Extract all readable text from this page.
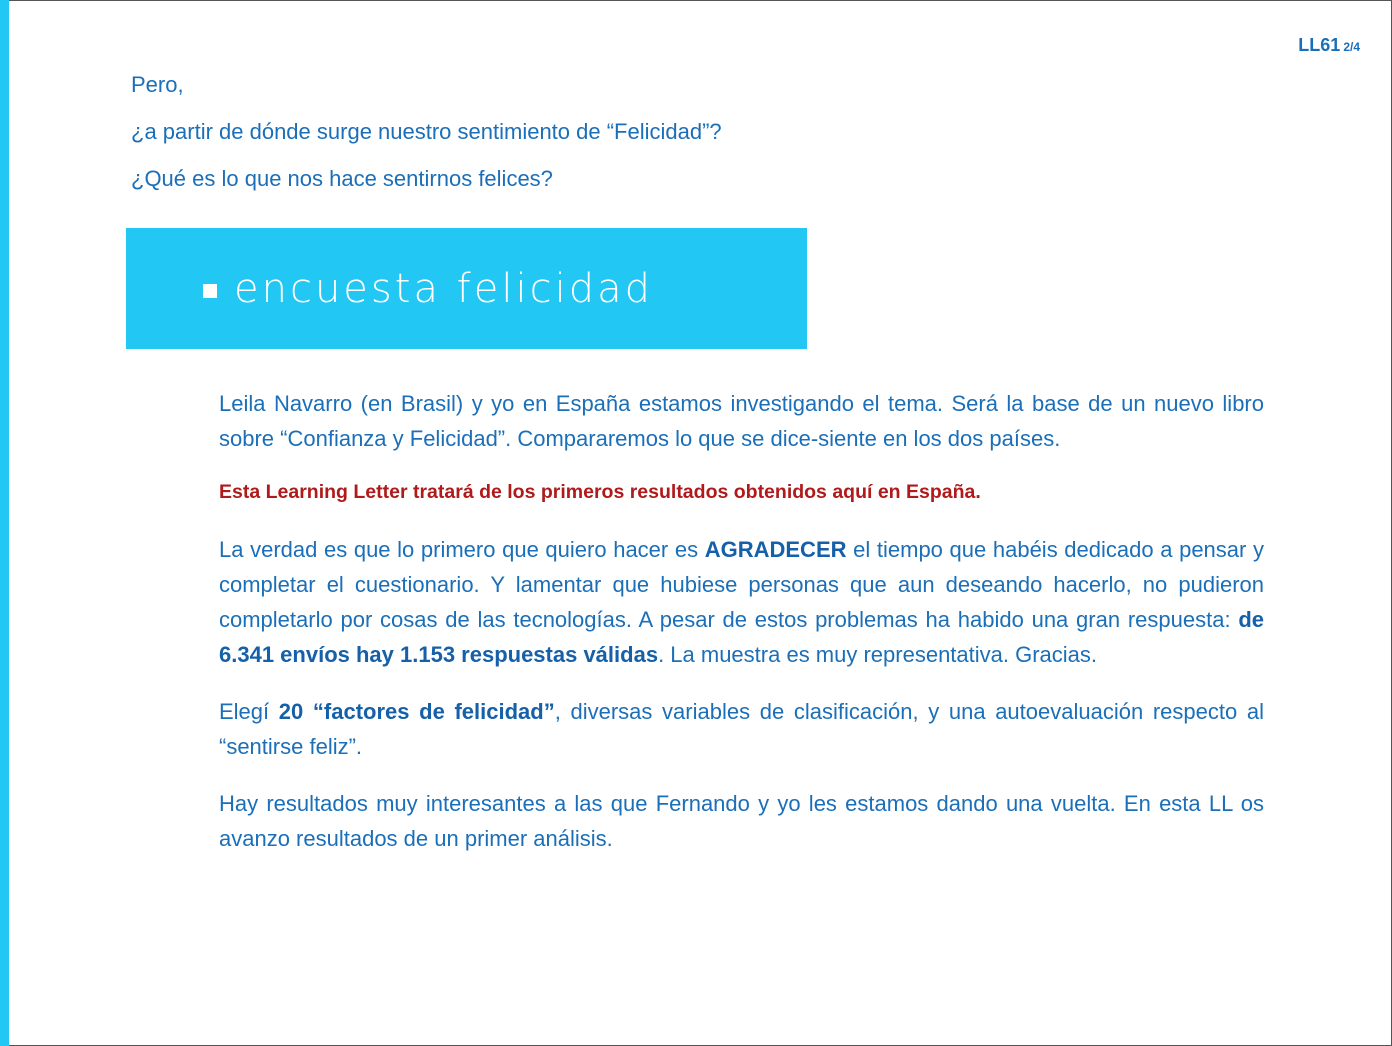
LL61 2/4

Pero,

¿a partir de dónde surge nuestro sentimiento de “Felicidad”?

¿Qué es lo que nos hace sentirnos felices?

encuesta felicidad

Leila Navarro (en Brasil) y yo en España estamos investigando el tema. Será la base de un nuevo libro sobre “Confianza y Felicidad”. Compararemos lo que se dice-siente en los dos países.

Esta Learning Letter tratará de los primeros resultados obtenidos aquí en España.

La verdad es que lo primero que quiero hacer es AGRADECER el tiempo que habéis dedicado a pensar y completar el cuestionario. Y lamentar que hubiese personas que aun deseando hacerlo, no pudieron completarlo por cosas de las tecnologías. A pesar de estos problemas ha habido una gran respuesta: de 6.341 envíos hay 1.153 respuestas válidas. La muestra es muy representativa. Gracias.

Elegí 20 “factores de felicidad”, diversas variables de clasificación, y una autoevaluación respecto al “sentirse feliz”.

Hay resultados muy interesantes a las que Fernando y yo les estamos dando una vuelta. En esta LL os avanzo resultados de un primer análisis.
